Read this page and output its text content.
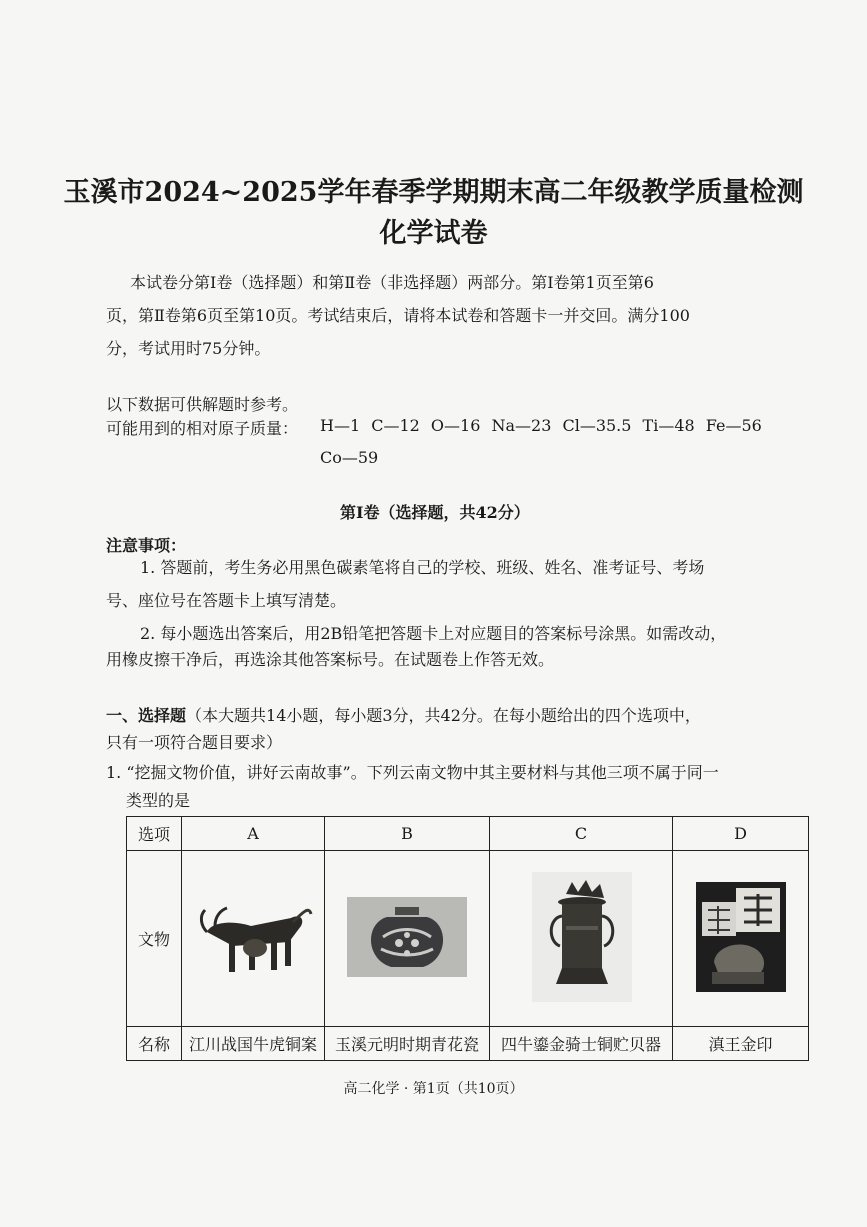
玉溪市2024~2025学年春季学期期末高二年级教学质量检测
化学试卷
本试卷分第Ⅰ卷（选择题）和第Ⅱ卷（非选择题）两部分。第Ⅰ卷第1页至第6
页，第Ⅱ卷第6页至第10页。考试结束后，请将本试卷和答题卡一并交回。满分100
分，考试用时75分钟。
以下数据可供解题时参考。
可能用到的相对原子质量： H—1 C—12 O—16 Na—23 Cl—35.5 Ti—48 Fe—56
Co—59
第Ⅰ卷（选择题，共42分）
注意事项：
1. 答题前，考生务必用黑色碳素笔将自己的学校、班级、姓名、准考证号、考场
号、座位号在答题卡上填写清楚。
2. 每小题选出答案后，用2B铅笔把答题卡上对应题目的答案标号涂黑。如需改动，
用橡皮擦干净后，再选涂其他答案标号。在试题卷上作答无效。
一、选择题（本大题共14小题，每小题3分，共42分。在每小题给出的四个选项中，
只有一项符合题目要求）
1. “挖掘文物价值，讲好云南故事”。下列云南文物中其主要材料与其他三项不属于同一
类型的是
选项	A	B	C	D
文物				
名称	江川战国牛虎铜案	玉溪元明时期青花瓷	四牛鎏金骑士铜贮贝器	滇王金印
高二化学 · 第1页（共10页）
